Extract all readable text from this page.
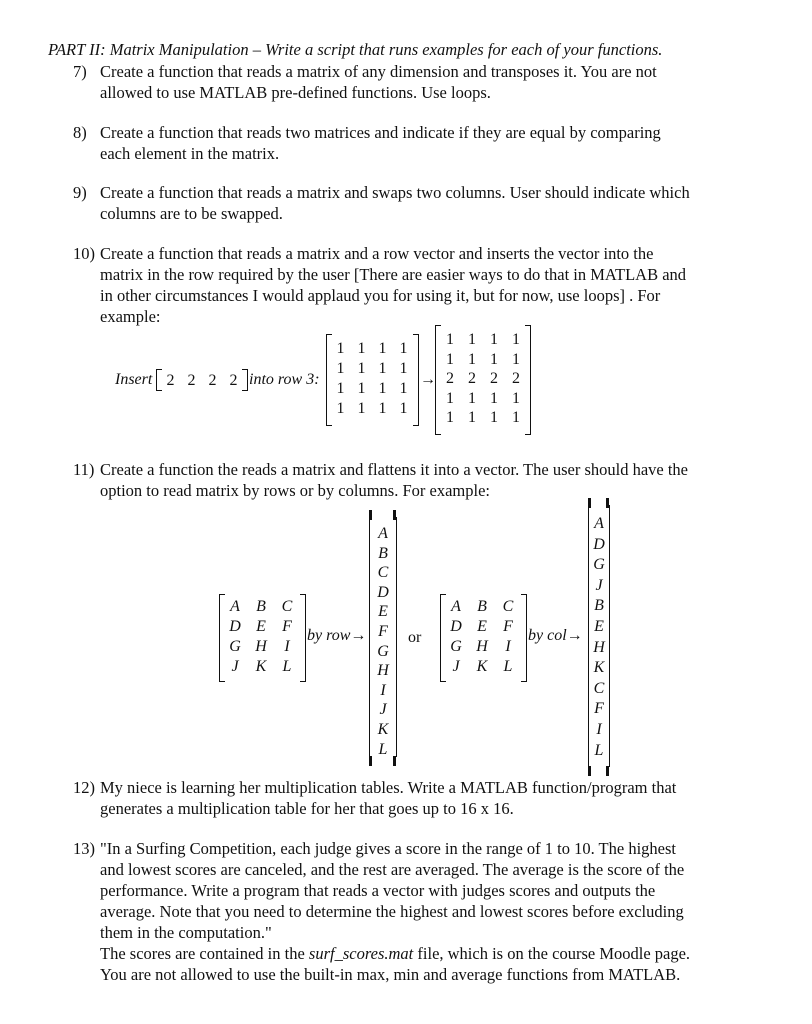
PART II: Matrix Manipulation – Write a script that runs examples for each of your functions.
7) Create a function that reads a matrix of any dimension and transposes it. You are not
allowed to use MATLAB pre-defined functions. Use loops.
8) Create a function that reads two matrices and indicate if they are equal by comparing
each element in the matrix.
9) Create a function that reads a matrix and swaps two columns. User should indicate which
columns are to be swapped.
10) Create a function that reads a matrix and a row vector and inserts the vector into the
matrix in the row required by the user [There are easier ways to do that in MATLAB and
in other circumstances I would applaud you for using it, but for now, use loops] . For
example:
Insert 2 2 2 2 into row 3:
1 1 1 1
1 1 1 1
1 1 1 1
1 1 1 1
→
1 1 1 1
1 1 1 1
2 2 2 2
1 1 1 1
1 1 1 1
11) Create a function the reads a matrix and flattens it into a vector. The user should have the
option to read matrix by rows or by columns. For example:
A	B C
D E	F
G H	I
J	K	L
by row→
A
B
C
D
E
F
G
H
I
J
K
L
or
A	B C
D E	F
G H	I
J	K	L
by col→
A
D
G
J
B
E
H
K
C
F
I
L
12) My niece is learning her multiplication tables. Write a MATLAB function/program that
generates a multiplication table for her that goes up to 16 x 16.
13) "In a Surfing Competition, each judge gives a score in the range of 1 to 10. The highest
and lowest scores are canceled, and the rest are averaged. The average is the score of the
performance. Write a program that reads a vector with judges scores and outputs the
average. Note that you need to determine the highest and lowest scores before excluding
them in the computation."
The scores are contained in the surf_scores.mat file, which is on the course Moodle page.
You are not allowed to use the built-in max, min and average functions from MATLAB.
